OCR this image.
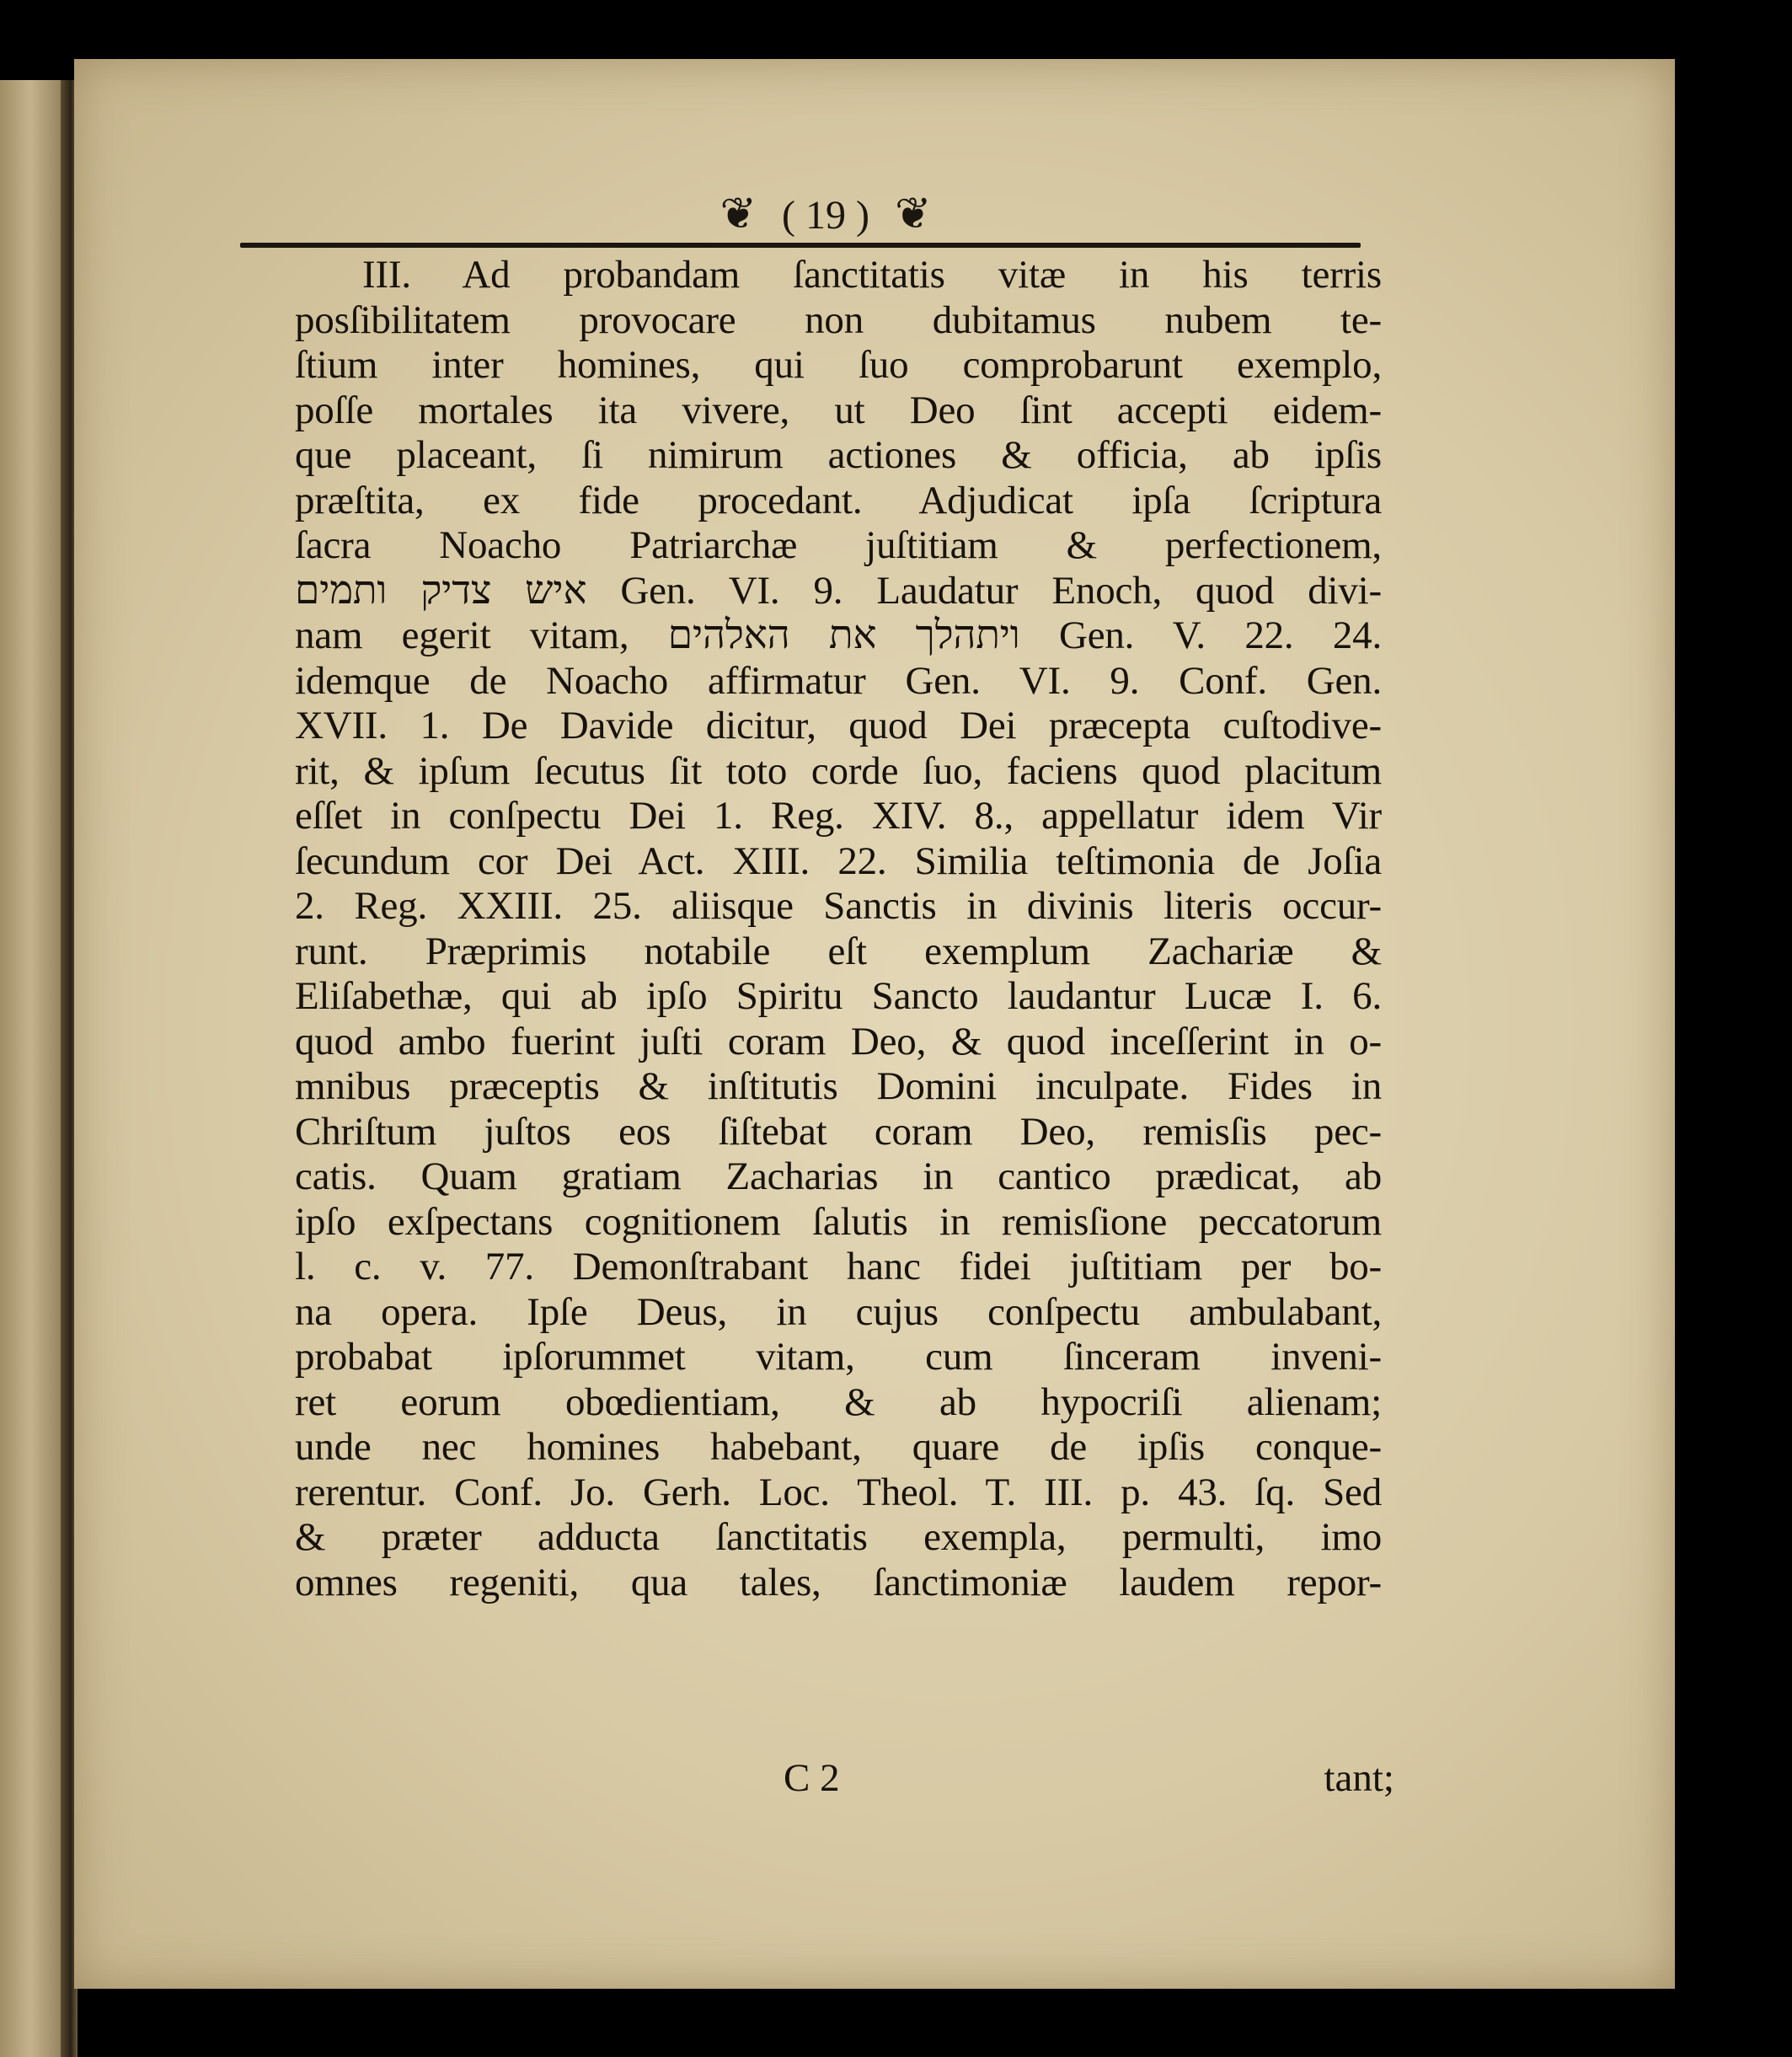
❦ ( 19 ) ❦
III. Ad probandam ſanctitatis vitæ in his terris
posſibilitatem provocare non dubitamus nubem te-
ſtium inter homines, qui ſuo comprobarunt exemplo,
poſſe mortales ita vivere, ut Deo ſint accepti eidem-
que placeant, ſi nimirum actiones & officia, ab ipſis
præſtita, ex fide procedant. Adjudicat ipſa ſcriptura
ſacra Noacho Patriarchæ juſtitiam & perfectionem,
איש צדיק ותמים Gen. VI. 9. Laudatur Enoch, quod divi-
nam egerit vitam, ויתהלך את האלהים Gen. V. 22. 24.
idemque de Noacho affirmatur Gen. VI. 9. Conf. Gen.
XVII. 1. De Davide dicitur, quod Dei præcepta cuſtodive-
rit, & ipſum ſecutus ſit toto corde ſuo, faciens quod placitum
eſſet in conſpectu Dei 1. Reg. XIV. 8., appellatur idem Vir
ſecundum cor Dei Act. XIII. 22. Similia teſtimonia de Joſia
2. Reg. XXIII. 25. aliisque Sanctis in divinis literis occur-
runt. Præprimis notabile eſt exemplum Zachariæ &
Eliſabethæ, qui ab ipſo Spiritu Sancto laudantur Lucæ I. 6.
quod ambo fuerint juſti coram Deo, & quod inceſſerint in o-
mnibus præceptis & inſtitutis Domini inculpate. Fides in
Chriſtum juſtos eos ſiſtebat coram Deo, remisſis pec-
catis. Quam gratiam Zacharias in cantico prædicat, ab
ipſo exſpectans cognitionem ſalutis in remisſione peccatorum
l. c. v. 77. Demonſtrabant hanc fidei juſtitiam per bo-
na opera. Ipſe Deus, in cujus conſpectu ambulabant,
probabat ipſorummet vitam, cum ſinceram inveni-
ret eorum obœdientiam, & ab hypocriſi alienam;
unde nec homines habebant, quare de ipſis conque-
rerentur. Conf. Jo. Gerh. Loc. Theol. T. III. p. 43. ſq. Sed
& præter adducta ſanctitatis exempla, permulti, imo
omnes regeniti, qua tales, ſanctimoniæ laudem repor-
C 2	tant;
